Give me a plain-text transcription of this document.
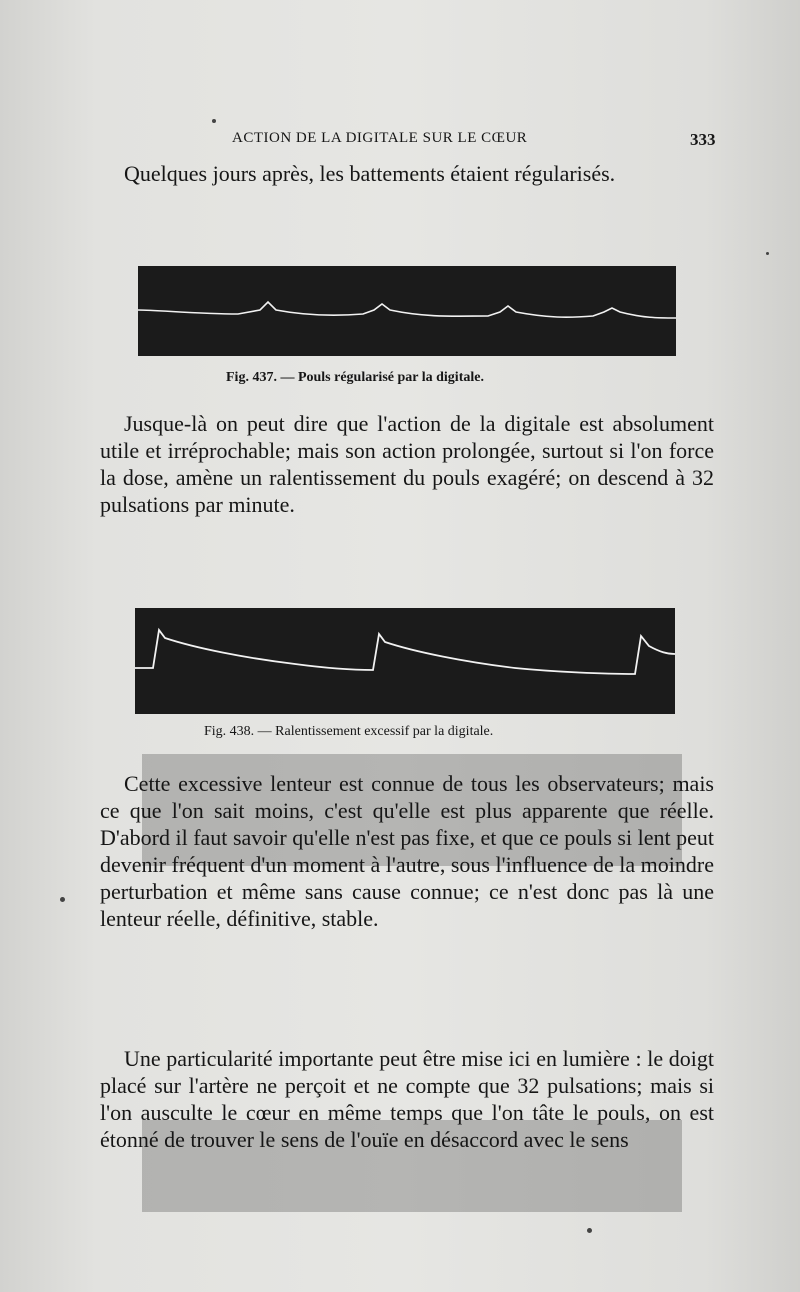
ACTION DE LA DIGITALE SUR LE CŒUR	333

Quelques jours après, les battements étaient régularisés.

Fig. 437. — Pouls régularisé par la digitale.

Jusque-là on peut dire que l'action de la digitale est absolument utile et irréprochable; mais son action prolongée, surtout si l'on force la dose, amène un ralentissement du pouls exagéré; on descend à 32 pulsations par minute.

Fig. 438. — Ralentissement excessif par la digitale.

Cette excessive lenteur est connue de tous les observateurs; mais ce que l'on sait moins, c'est qu'elle est plus apparente que réelle. D'abord il faut savoir qu'elle n'est pas fixe, et que ce pouls si lent peut devenir fréquent d'un moment à l'autre, sous l'influence de la moindre perturbation et même sans cause connue; ce n'est donc pas là une lenteur réelle, définitive, stable.

Une particularité importante peut être mise ici en lumière : le doigt placé sur l'artère ne perçoit et ne compte que 32 pulsations; mais si l'on ausculte le cœur en même temps que l'on tâte le pouls, on est étonné de trouver le sens de l'ouïe en désaccord avec le sens
